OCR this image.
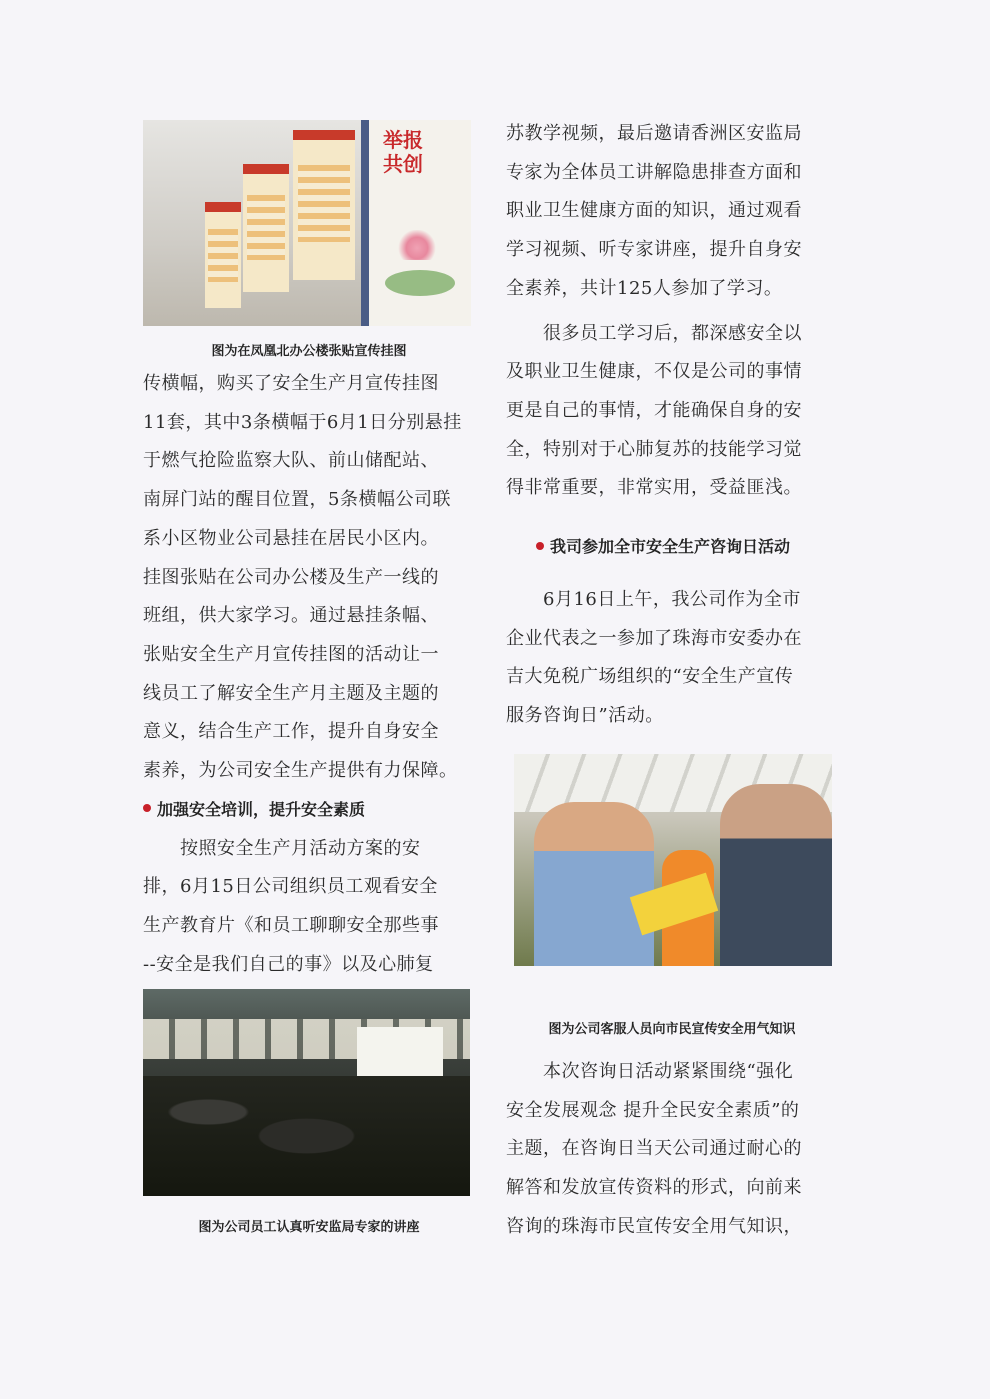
举报
共创
图为在凤凰北办公楼张贴宣传挂图
传横幅，购买了安全生产月宣传挂图
11套，其中3条横幅于6月1日分别悬挂
于燃气抢险监察大队、前山储配站、
南屏门站的醒目位置，5条横幅公司联
系小区物业公司悬挂在居民小区内。
挂图张贴在公司办公楼及生产一线的
班组，供大家学习。通过悬挂条幅、
张贴安全生产月宣传挂图的活动让一
线员工了解安全生产月主题及主题的
意义，结合生产工作，提升自身安全
素养，为公司安全生产提供有力保障。
加强安全培训，提升安全素质
　　按照安全生产月活动方案的安
排，6月15日公司组织员工观看安全
生产教育片《和员工聊聊安全那些事
--安全是我们自己的事》以及心肺复
图为公司员工认真听安监局专家的讲座
苏教学视频，最后邀请香洲区安监局
专家为全体员工讲解隐患排查方面和
职业卫生健康方面的知识，通过观看
学习视频、听专家讲座，提升自身安
全素养，共计125人参加了学习。
　　很多员工学习后，都深感安全以
及职业卫生健康，不仅是公司的事情
更是自己的事情，才能确保自身的安
全，特别对于心肺复苏的技能学习觉
得非常重要，非常实用，受益匪浅。
我司参加全市安全生产咨询日活动
　　6月16日上午，我公司作为全市
企业代表之一参加了珠海市安委办在
吉大免税广场组织的“安全生产宣传
服务咨询日”活动。
图为公司客服人员向市民宣传安全用气知识
　　本次咨询日活动紧紧围绕“强化
安全发展观念 提升全民安全素质”的
主题，在咨询日当天公司通过耐心的
解答和发放宣传资料的形式，向前来
咨询的珠海市民宣传安全用气知识，
